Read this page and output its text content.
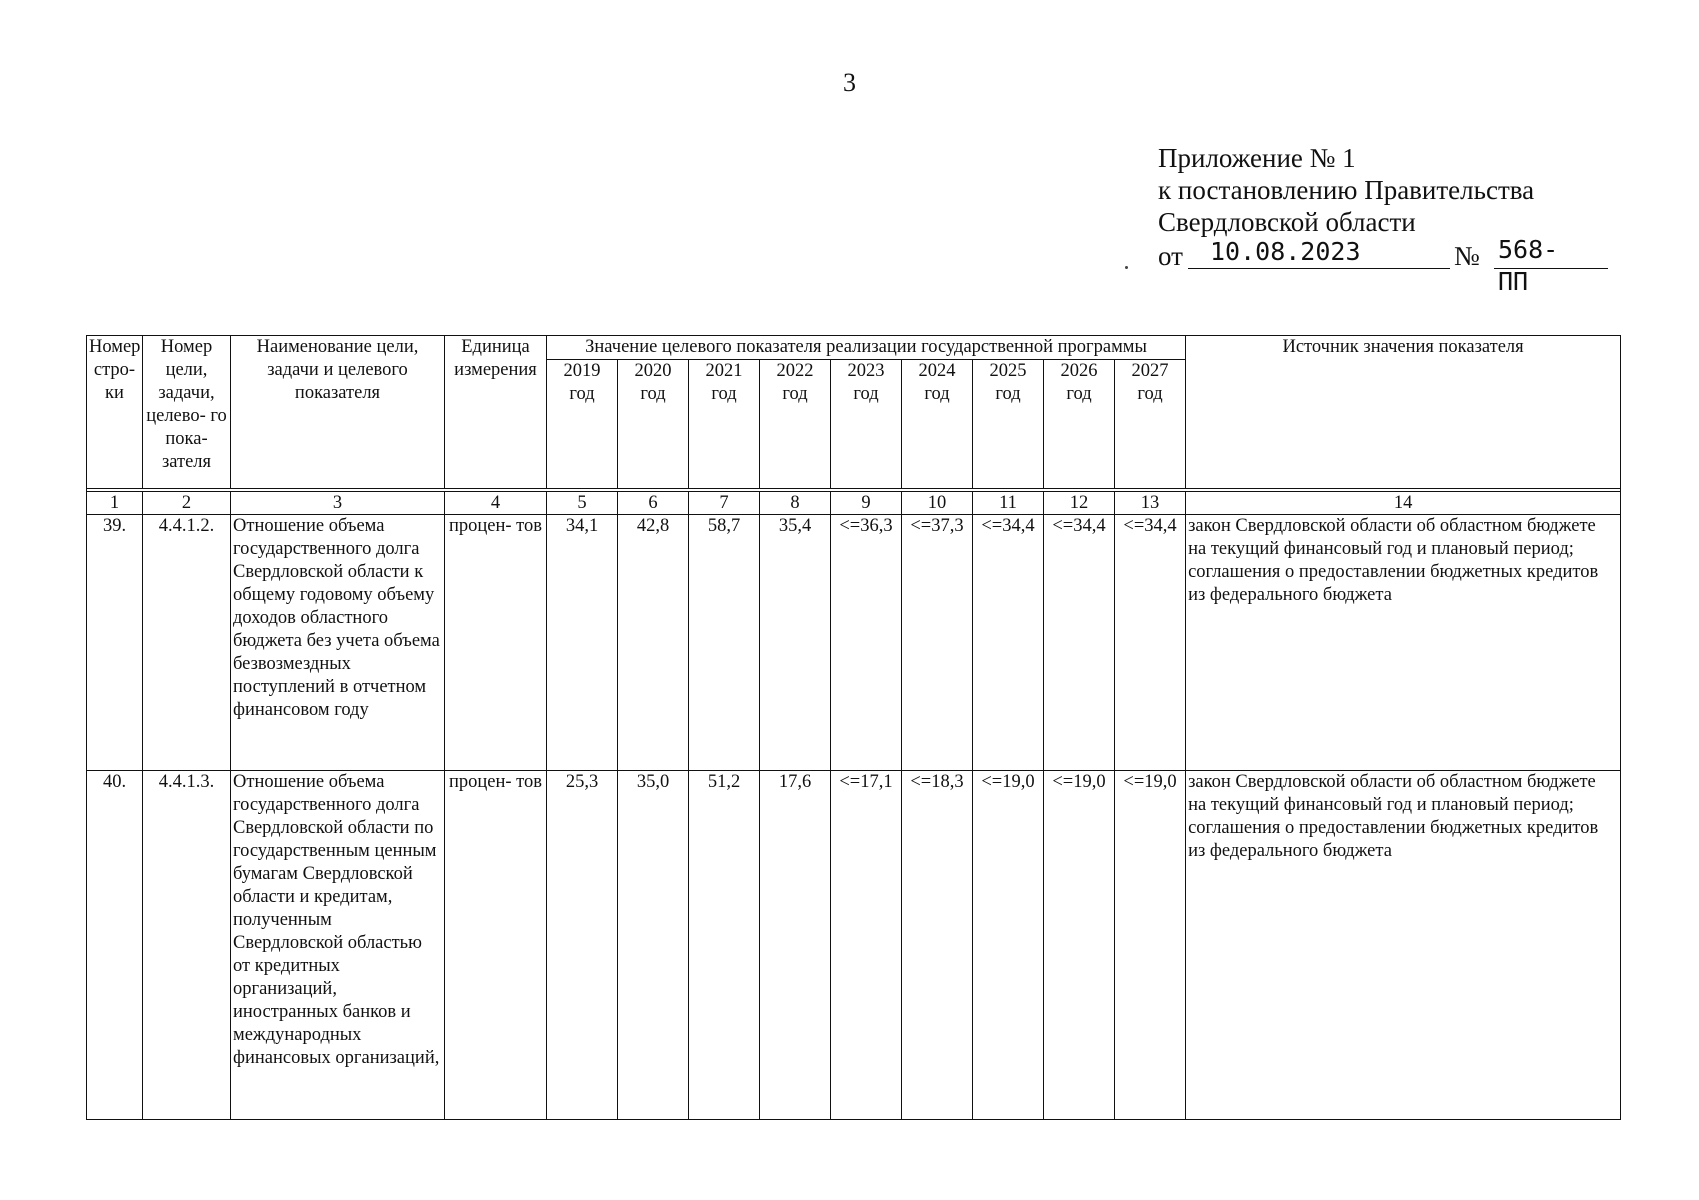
3
Приложение № 1
к постановлению Правительства
Свердловской области
от 10.08.2023	№ 568-ПП
Номер стро- ки	Номер цели, задачи, целево- го пока- зателя	Наименование цели, задачи и целевого показателя	Единица измерения	Значение целевого показателя реализации государственной программы									Источник значения показателя
				2019 год	2020 год	2021 год	2022 год	2023 год	2024 год	2025 год	2026 год	2027 год	

1	2	3	4	5	6	7	8	9	10	11	12	13	14
39.	4.4.1.2.	Отношение объема государственного долга Свердловской области к общему годовому объему доходов областного бюджета без учета объема безвозмездных поступлений в отчетном финансовом году	процен- тов	34,1	42,8	58,7	35,4	<=36,3	<=37,3	<=34,4	<=34,4	<=34,4	закон Свердловской области об областном бюджете на текущий финансовый год и плановый период; соглашения о предоставлении бюджетных кредитов из федерального бюджета
40.	4.4.1.3.	Отношение объема государственного долга Свердловской области по государственным ценным бумагам Свердловской области и кредитам, полученным Свердловской областью от кредитных организаций, иностранных банков и международных финансовых организаций,	процен- тов	25,3	35,0	51,2	17,6	<=17,1	<=18,3	<=19,0	<=19,0	<=19,0	закон Свердловской области об областном бюджете на текущий финансовый год и плановый период; соглашения о предоставлении бюджетных кредитов из федерального бюджета
